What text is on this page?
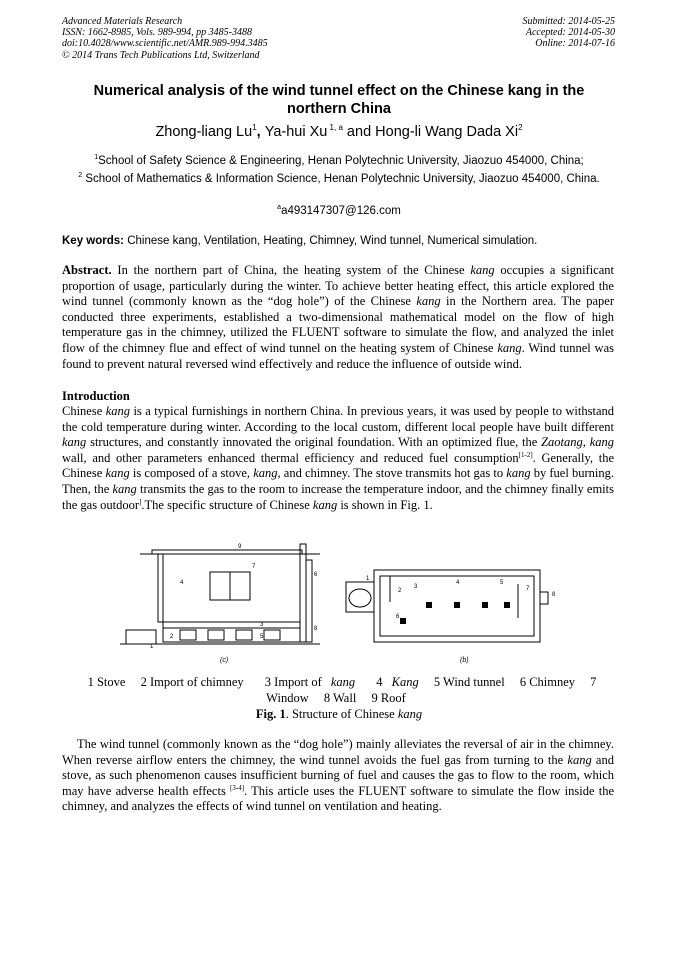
Advanced Materials Research
ISSN: 1662-8985, Vols. 989-994, pp 3485-3488
doi:10.4028/www.scientific.net/AMR.989-994.3485
© 2014 Trans Tech Publications Ltd, Switzerland
Submitted: 2014-05-25
Accepted: 2014-05-30
Online: 2014-07-16
Numerical analysis of the wind tunnel effect on the Chinese kang in the northern China
Zhong-liang Lu$^1$, Ya-hui Xu $^{1, a}$ and Hong-li Wang Dada Xi$^2$
$^1$School of Safety Science & Engineering, Henan Polytechnic University, Jiaozuo 454000, China;
$^2$ School of Mathematics & Information Science, Henan Polytechnic University, Jiaozuo 454000, China.
$^a$a493147307@126.com
Key words: Chinese kang, Ventilation, Heating, Chimney, Wind tunnel, Numerical simulation.
Abstract. In the northern part of China, the heating system of the Chinese kang occupies a significant proportion of usage, particularly during the winter. To achieve better heating effect, this article explored the wind tunnel (commonly known as the “dog hole”) of the Chinese kang in the Northern area. The paper conducted three experiments, established a two-dimensional mathematical model on the flow of high temperature gas in the chimney, utilized the FLUENT software to simulate the flow, and analyzed the inlet flow of the chimney flue and effect of wind tunnel on the heating system of Chinese kang. Wind tunnel was found to prevent natural reversed wind effectively and reduce the influence of outside wind.
Introduction
Chinese kang is a typical furnishings in northern China. In previous years, it was used by people to withstand the cold temperature during winter. According to the local custom, different local people have built different kang structures, and constantly innovated the original foundation. With an optimized flue, the Zaotang, kang wall, and other parameters enhanced thermal efficiency and reduced fuel consumption[1-2]. Generally, the Chinese kang is composed of a stove, kang, and chimney. The stove transmits hot gas to kang by fuel burning. Then, the kang transmits the gas to the room to increase the temperature indoor, and the chimney finally emits the gas outdoor].The specific structure of Chinese kang is shown in Fig. 1.
1
2
3
4
5
6
7
8
9
(c)
1
2
3
4	5
6
7
8
(b)
1 Stove 2 Import of chimney 3 Import of kang 4 Kang 5 Wind tunnel 6 Chimney 7 Window 8 Wall 9 Roof
Fig. 1. Structure of Chinese kang
The wind tunnel (commonly known as the “dog hole”) mainly alleviates the reversal of air in the chimney. When reverse airflow enters the chimney, the wind tunnel avoids the fuel gas from turning to the kang and stove, as such phenomenon causes insufficient burning of fuel and causes the gas to flow to the room, which may have adverse health effects [3-4]. This article uses the FLUENT software to simulate the flow inside the chimney, and analyzes the effects of wind tunnel on ventilation and heating.
